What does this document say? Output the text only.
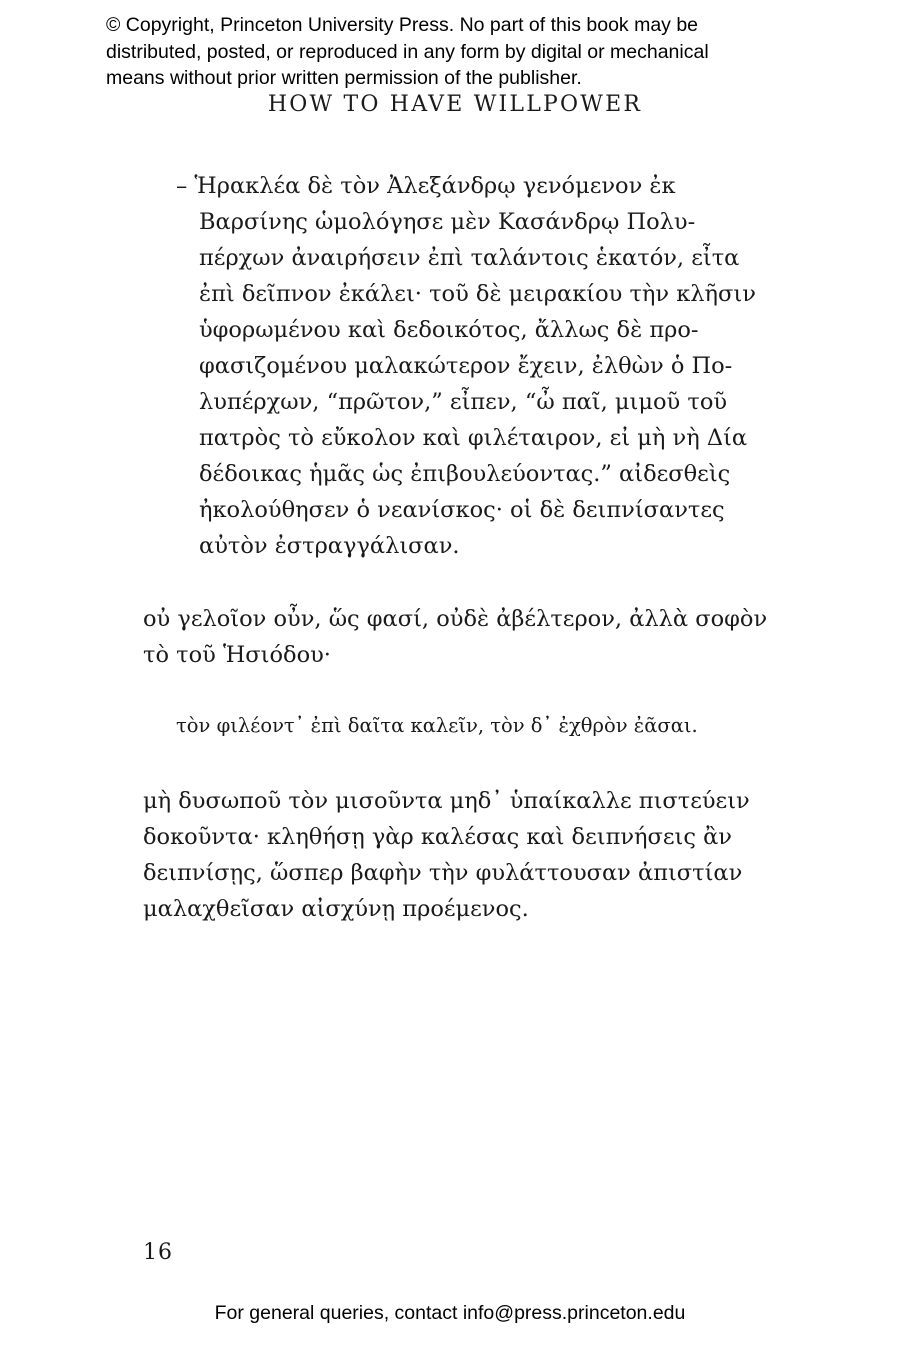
© Copyright, Princeton University Press. No part of this book may be
distributed, posted, or reproduced in any form by digital or mechanical
means without prior written permission of the publisher.
HOW TO HAVE WILLPOWER
– Ἡρακλέα δὲ τὸν Ἀλεξάνδρῳ γενόμενον ἐκ
Βαρσίνης ὡμολόγησε μὲν Κασάνδρῳ Πολυ-
πέρχων ἀναιρήσειν ἐπὶ ταλάντοις ἑκατόν, εἶτα
ἐπὶ δεῖπνον ἐκάλει· τοῦ δὲ μειρακίου τὴν κλῆσιν
ὑφορωμένου καὶ δεδοικότος, ἄλλως δὲ προ-
φασιζομένου μαλακώτερον ἔχειν, ἐλθὼν ὁ Πο-
λυπέρχων, “πρῶτον,” εἶπεν, “ὦ παῖ, μιμοῦ τοῦ
πατρὸς τὸ εὔκολον καὶ φιλέταιρον, εἰ μὴ νὴ Δία
δέδοικας ἡμᾶς ὡς ἐπιβουλεύοντας.” αἰδεσθεὶς
ἠκολούθησεν ὁ νεανίσκος· οἱ δὲ δειπνίσαντες
αὐτὸν ἐστραγγάλισαν.
οὐ γελοῖον οὖν, ὥς φασί, οὐδὲ ἀβέλτερον, ἀλλὰ σοφὸν
τὸ τοῦ Ἡσιόδου·
τὸν φιλέοντ᾽ ἐπὶ δαῖτα καλεῖν, τὸν δ᾽ ἐχθρὸν ἐᾶσαι.
μὴ δυσωποῦ τὸν μισοῦντα μηδ᾽ ὑπαίκαλλε πιστεύειν
δοκοῦντα· κληθήσῃ γὰρ καλέσας καὶ δειπνήσεις ἂν
δειπνίσῃς, ὥσπερ βαφὴν τὴν φυλάττουσαν ἀπιστίαν
μαλαχθεῖσαν αἰσχύνῃ προέμενος.
16
For general queries, contact info@press.princeton.edu
